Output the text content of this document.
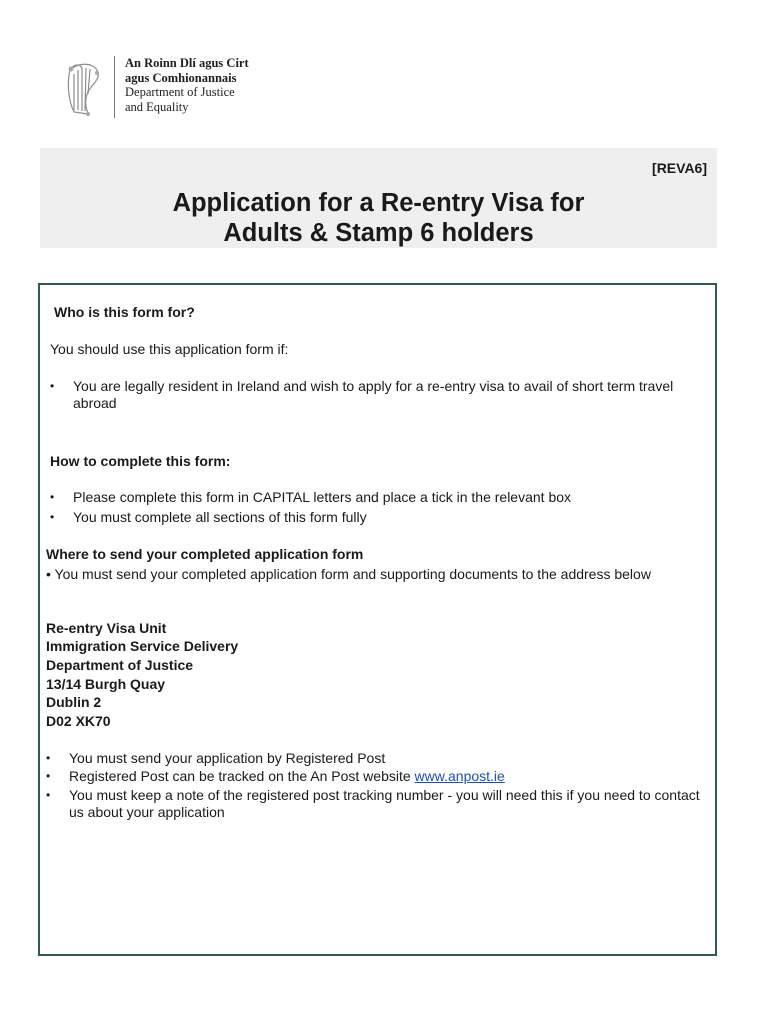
An Roinn Dlí agus Cirt
agus Comhionannais
Department of Justice
and Equality
[REVA6]
Application for a Re-entry Visa for
Adults & Stamp 6 holders
Who is this form for?
You should use this application form if:
• You are legally resident in Ireland and wish to apply for a re-entry visa to avail of short term travel abroad
How to complete this form:
• Please complete this form in CAPITAL letters and place a tick in the relevant box
• You must complete all sections of this form fully
Where to send your completed application form
• You must send your completed application form and supporting documents to the address below
Re-entry Visa Unit
Immigration Service Delivery
Department of Justice
13/14 Burgh Quay
Dublin 2
D02 XK70
• You must send your application by Registered Post
• Registered Post can be tracked on the An Post website www.anpost.ie
• You must keep a note of the registered post tracking number - you will need this if you need to contact us about your application
